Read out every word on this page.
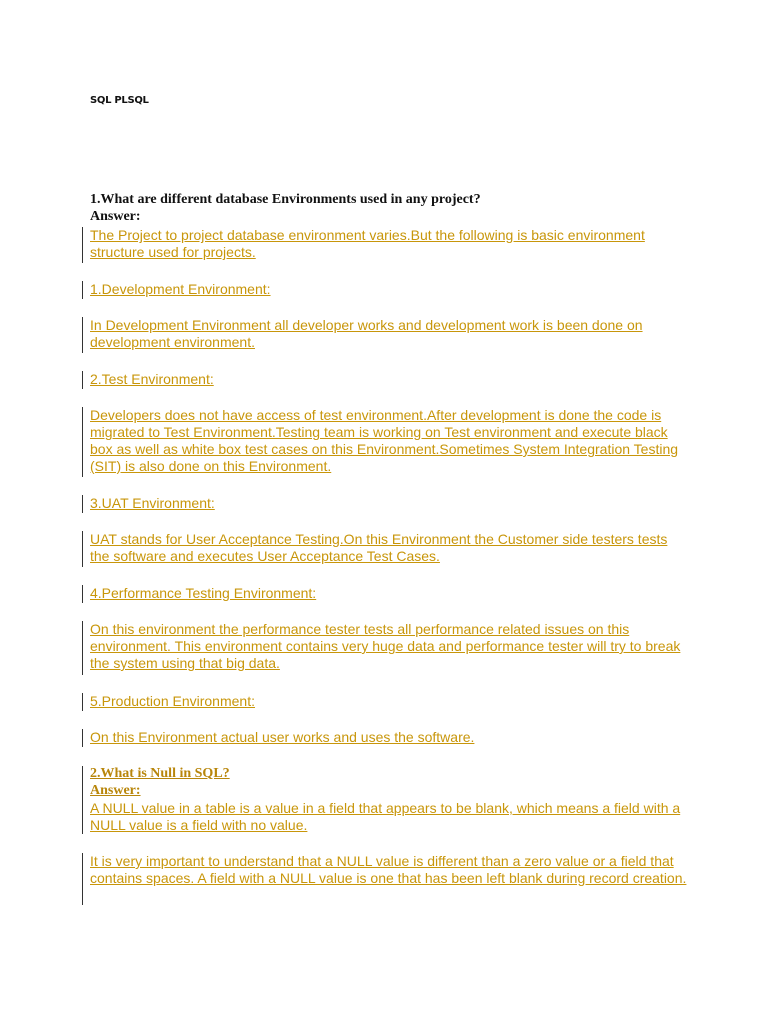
SQL PLSQL
1.What are different database Environments used in any project?
Answer:
The Project to project database environment varies.But the following is basic environment structure used for projects.
1.Development Environment:
In Development Environment all developer works and development work is been done on development environment.
2.Test Environment:
Developers does not have access of test environment.After development is done the code is migrated to Test Environment.Testing team is working on Test environment and execute black box as well as white box test cases on this Environment.Sometimes System Integration Testing (SIT) is also done on this Environment.
3.UAT Environment:
UAT stands for User Acceptance Testing.On this Environment the Customer side testers tests the software and executes User Acceptance Test Cases.
4.Performance Testing Environment:
On this environment the performance tester tests all performance related issues on this environment. This environment contains very huge data and performance tester will try to break the system using that big data.
5.Production Environment:
On this Environment actual user works and uses the software.
2.What is Null in SQL?
Answer:
A NULL value in a table is a value in a field that appears to be blank, which means a field with a NULL value is a field with no value.
It is very important to understand that a NULL value is different than a zero value or a field that contains spaces. A field with a NULL value is one that has been left blank during record creation.
